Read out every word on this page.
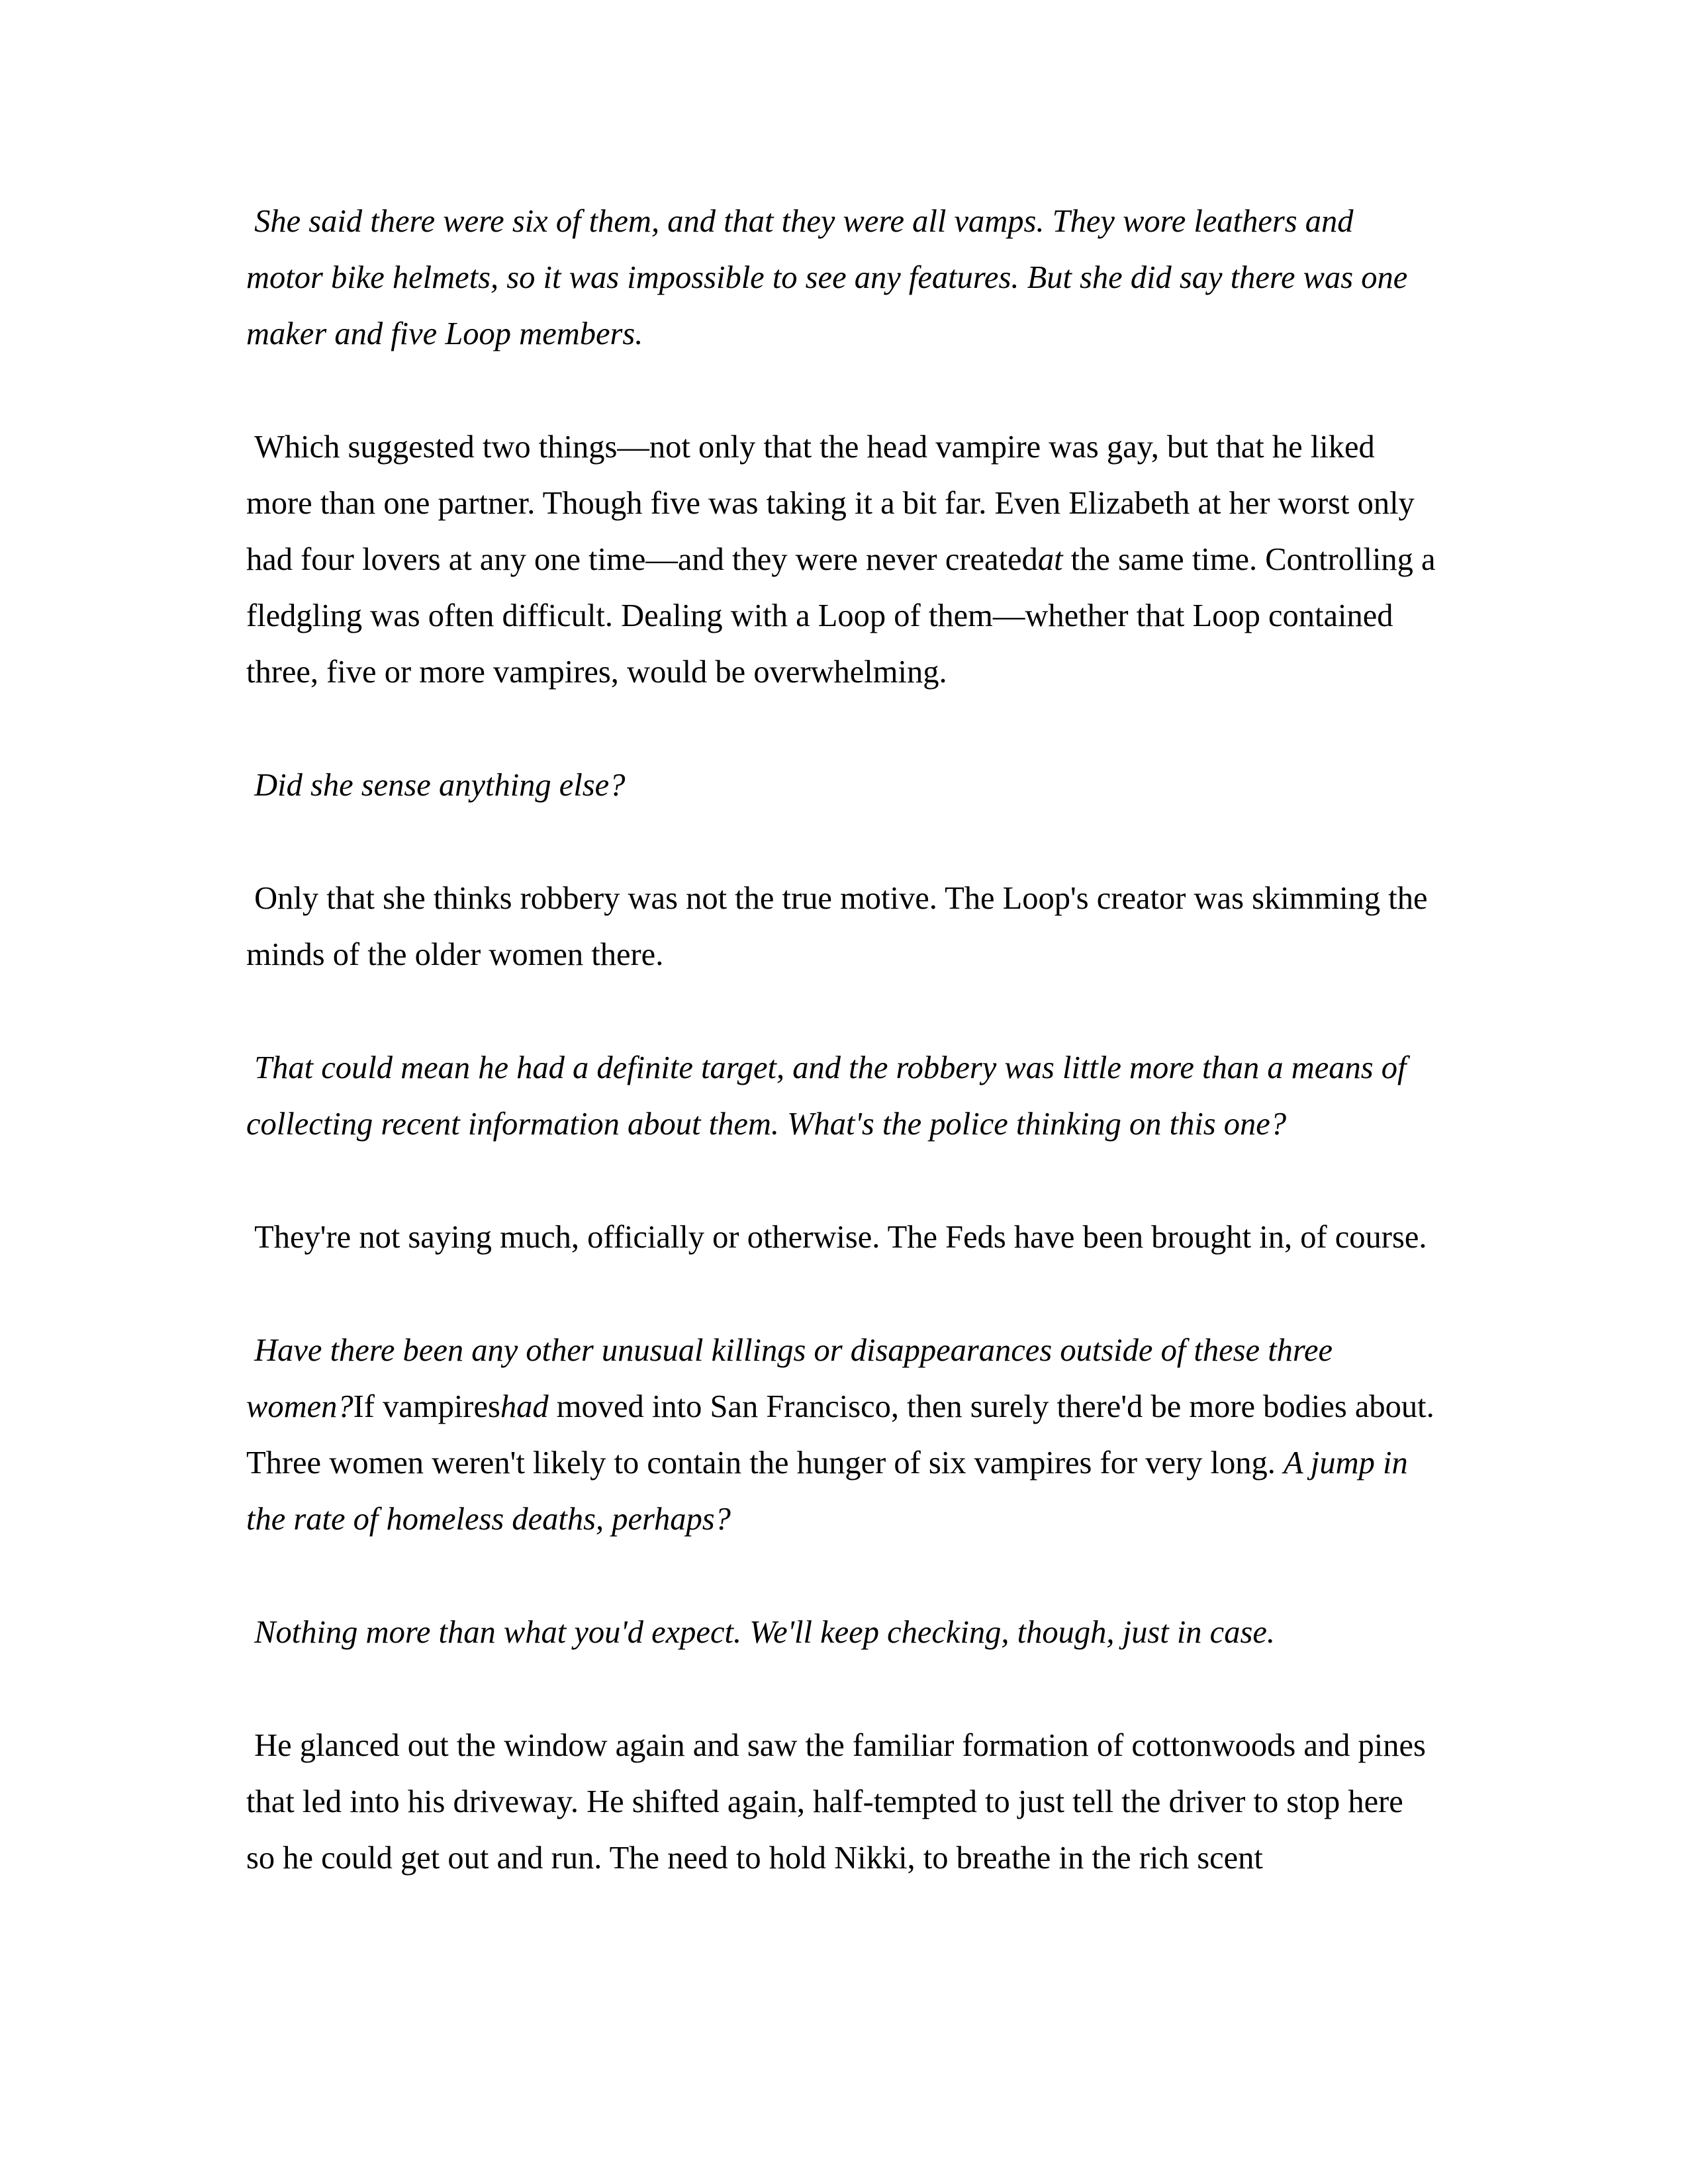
She said there were six of them, and that they were all vamps. They wore leathers and motor bike helmets, so it was impossible to see any features. But she did say there was one maker and five Loop members.

Which suggested two things—not only that the head vampire was gay, but that he liked more than one partner. Though five was taking it a bit far. Even Elizabeth at her worst only had four lovers at any one time—and they were never createdat the same time. Controlling a fledgling was often difficult. Dealing with a Loop of them—whether that Loop contained three, five or more vampires, would be overwhelming.

Did she sense anything else?

Only that she thinks robbery was not the true motive. The Loop's creator was skimming the minds of the older women there.

That could mean he had a definite target, and the robbery was little more than a means of collecting recent information about them. What's the police thinking on this one?

They're not saying much, officially or otherwise. The Feds have been brought in, of course.

Have there been any other unusual killings or disappearances outside of these three women?If vampireshad moved into San Francisco, then surely there'd be more bodies about. Three women weren't likely to contain the hunger of six vampires for very long. A jump in the rate of homeless deaths, perhaps?

Nothing more than what you'd expect. We'll keep checking, though, just in case.

He glanced out the window again and saw the familiar formation of cottonwoods and pines that led into his driveway. He shifted again, half-tempted to just tell the driver to stop here so he could get out and run. The need to hold Nikki, to breathe in the rich scent
